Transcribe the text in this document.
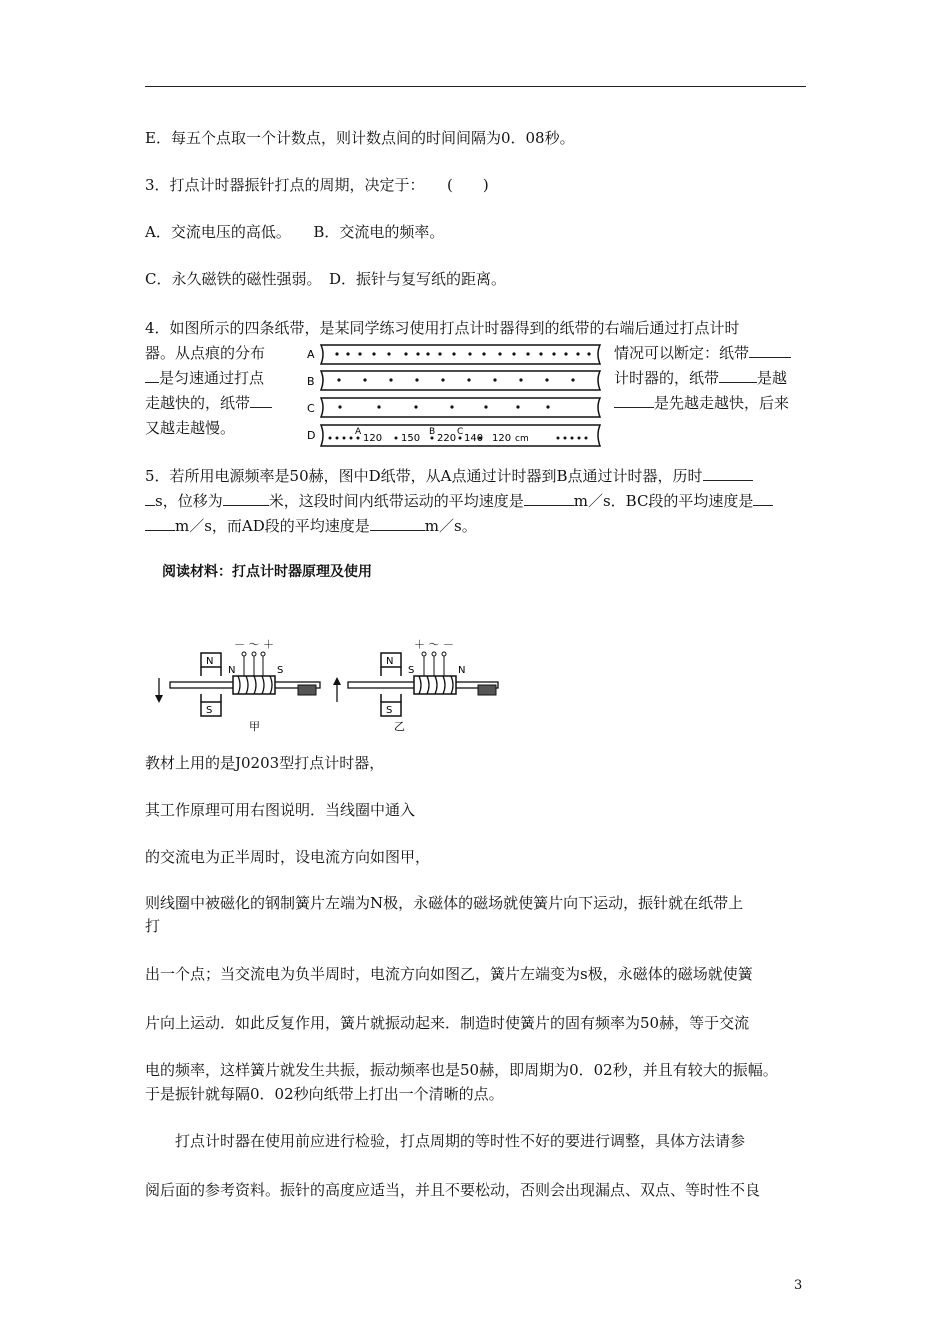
E．每五个点取一个计数点，则计数点间的时间间隔为0．08秒。
3．打点计时器振针打点的周期，决定于：　　(　　)
A．交流电压的高低。　　B．交流电的频率。
C．永久磁铁的磁性强弱。　D．振针与复写纸的距离。
4．如图所示的四条纸带，是某同学练习使用打点计时器得到的纸带的右端后通过打点计时
器。从点痕的分布	情况可以断定：纸带
是匀速通过打点	计时器的，纸带	是越
走越快的，纸带	是先越走越快，后来
又越走越慢。
A
B
C
D	A	B C
120 150 220 140 120 cm
5．若所用电源频率是50赫，图中D纸带，从A点通过计时器到B点通过计时器，历时
s，位移为	米，这段时间内纸带运动的平均速度是	m／s．BC段的平均速度是
m／s，而AD段的平均速度是	m／s。
阅读材料：打点计时器原理及使用
N
S
N	S
－ ～ ＋
甲
N
S
S	N
＋ ～ －
乙
教材上用的是J0203型打点计时器，
其工作原理可用右图说明．当线圈中通入
的交流电为正半周时，设电流方向如图甲，
则线圈中被磁化的钢制簧片左端为N极，永磁体的磁场就使簧片向下运动，振针就在纸带上
打
出一个点；当交流电为负半周时，电流方向如图乙，簧片左端变为s极，永磁体的磁场就使簧
片向上运动．如此反复作用，簧片就振动起来．制造时使簧片的固有频率为50赫，等于交流
电的频率，这样簧片就发生共振，振动频率也是50赫，即周期为0．02秒，并且有较大的振幅。
于是振针就每隔0．02秒向纸带上打出一个清晰的点。
打点计时器在使用前应进行检验，打点周期的等时性不好的要进行调整，具体方法请参
阅后面的参考资料。振针的高度应适当，并且不要松动，否则会出现漏点、双点、等时性不良
3
